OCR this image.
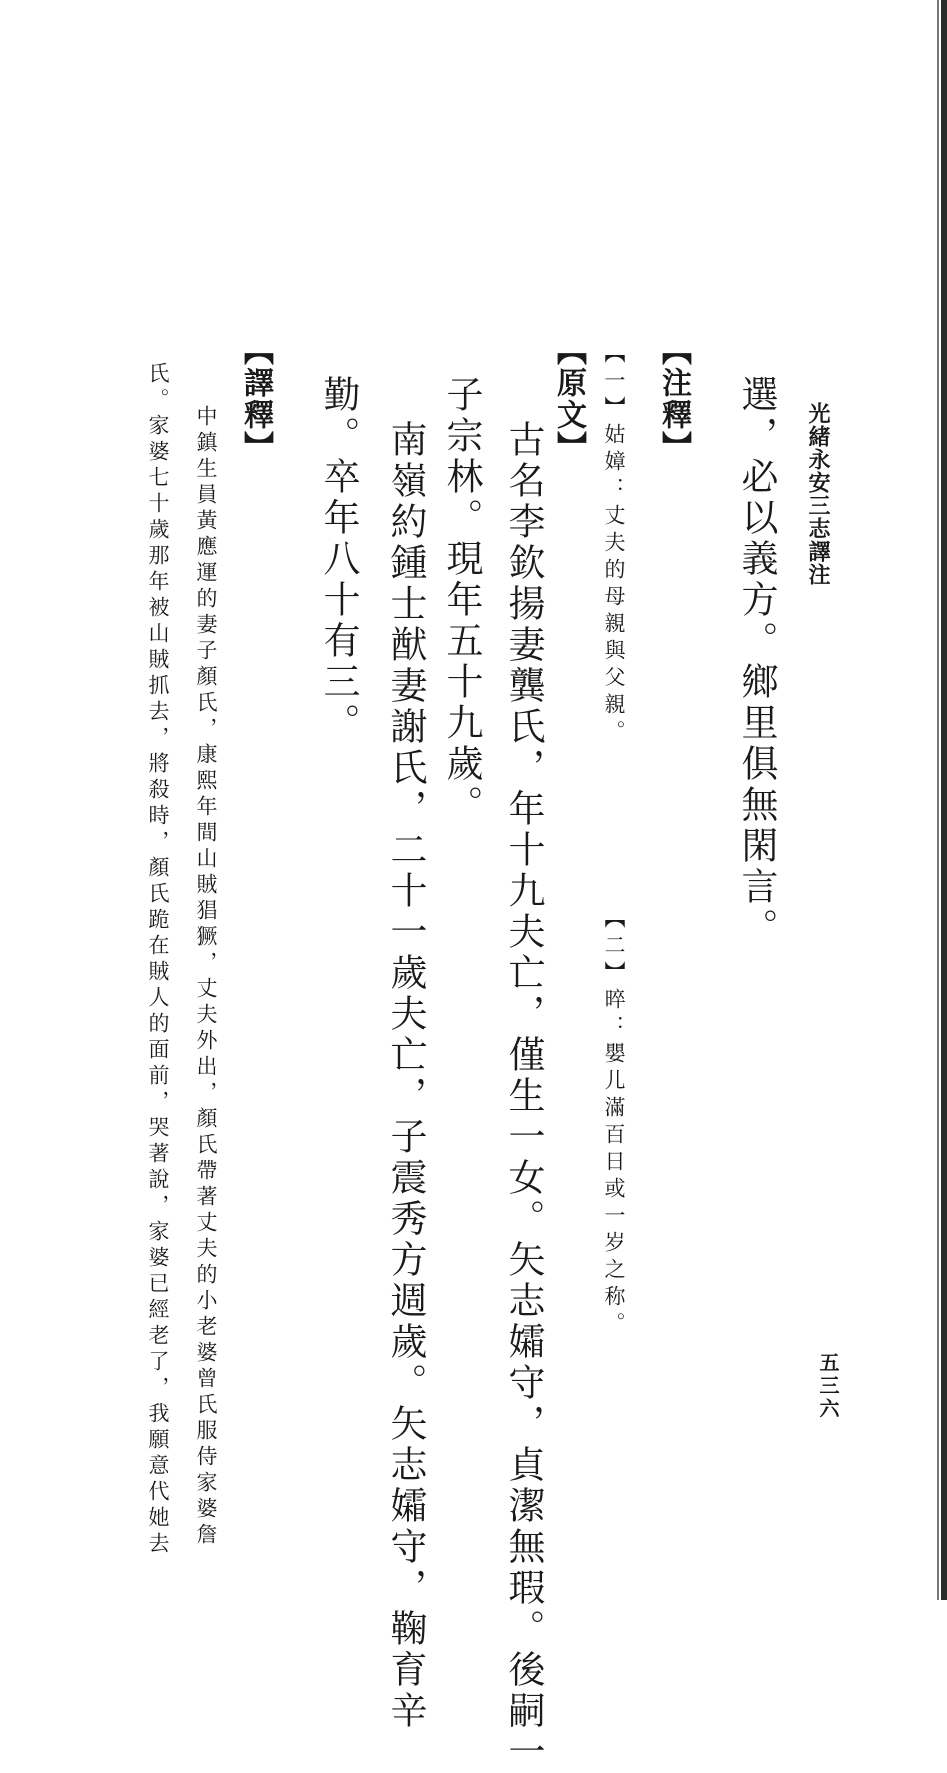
光緒永安三志譯注
五三六
選，必以義方。鄉里俱無閑言。
【注釋】
【一】姑嫜：丈夫的母親與父親。
【二】晬：嬰儿滿百日或一岁之称。
【原文】
古名李欽揚妻龔氏，年十九夫亡，僅生一女。矢志孀守，貞潔無瑕。後嗣一
子宗林。現年五十九歲。
南嶺約鍾士猷妻謝氏，二十一歲夫亡，子震秀方週歲。矢志孀守，鞠育辛
勤。卒年八十有三。
【譯釋】
中鎮生員黃應運的妻子顏氏，康熙年間山賊猖獗，丈夫外出，顏氏帶著丈夫的小老婆曾氏服侍家婆詹
氏。家婆七十歲那年被山賊抓去，將殺時，顏氏跪在賊人的面前，哭著說，家婆已經老了，我願意代她去
